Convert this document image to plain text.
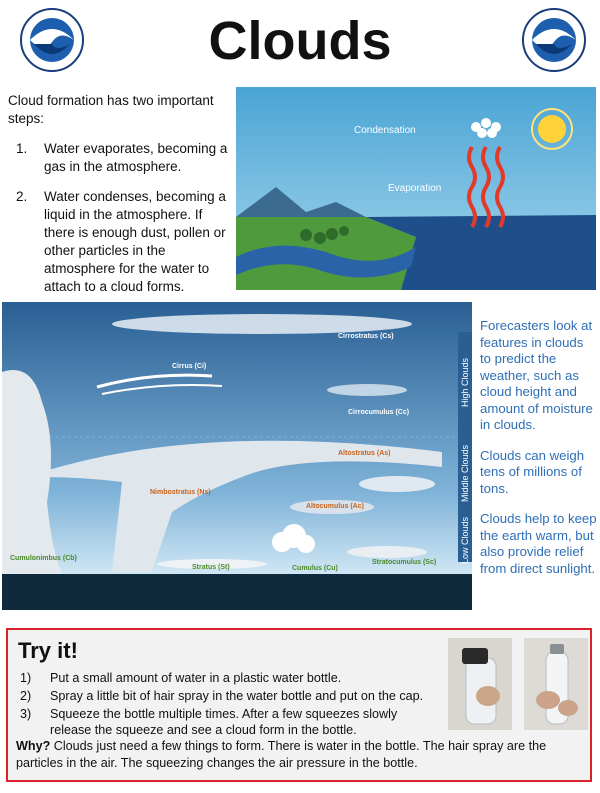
Clouds

Cloud formation has two important steps:

1. Water evaporates, becoming a gas in the atmosphere.
2. Water condenses, becoming a liquid in the atmosphere. If there is enough dust, pollen or other particles in the atmosphere for the water to attach to a cloud forms.
Condensation
Evaporation
Cirrostratus (Cs)
Cirrus (Ci)
Cirrocumulus (Cc)
Altostratus (As)
Nimbostratus (Ns)
Altocumulus (Ac)
Cumulonimbus (Cb)
Stratus (St)	Cumulus (Cu)
Stratocumulus (Sc)
High Clouds
Middle Clouds
Low Clouds

Forecasters look at features in clouds to predict the weather, such as cloud height and amount of moisture in clouds.

Clouds can weigh tens of millions of tons.

Clouds help to keep the earth warm, but also provide relief from direct sunlight.

Try it!
1) Put a small amount of water in a plastic water bottle.
2) Spray a little bit of hair spray in the water bottle and put on the cap.
3) Squeeze the bottle multiple times. After a few squeezes slowly release the squeeze and see a cloud form in the bottle.
Why? Clouds just need a few things to form. There is water in the bottle. The hair spray are the particles in the air. The squeezing changes the air pressure in the bottle.
